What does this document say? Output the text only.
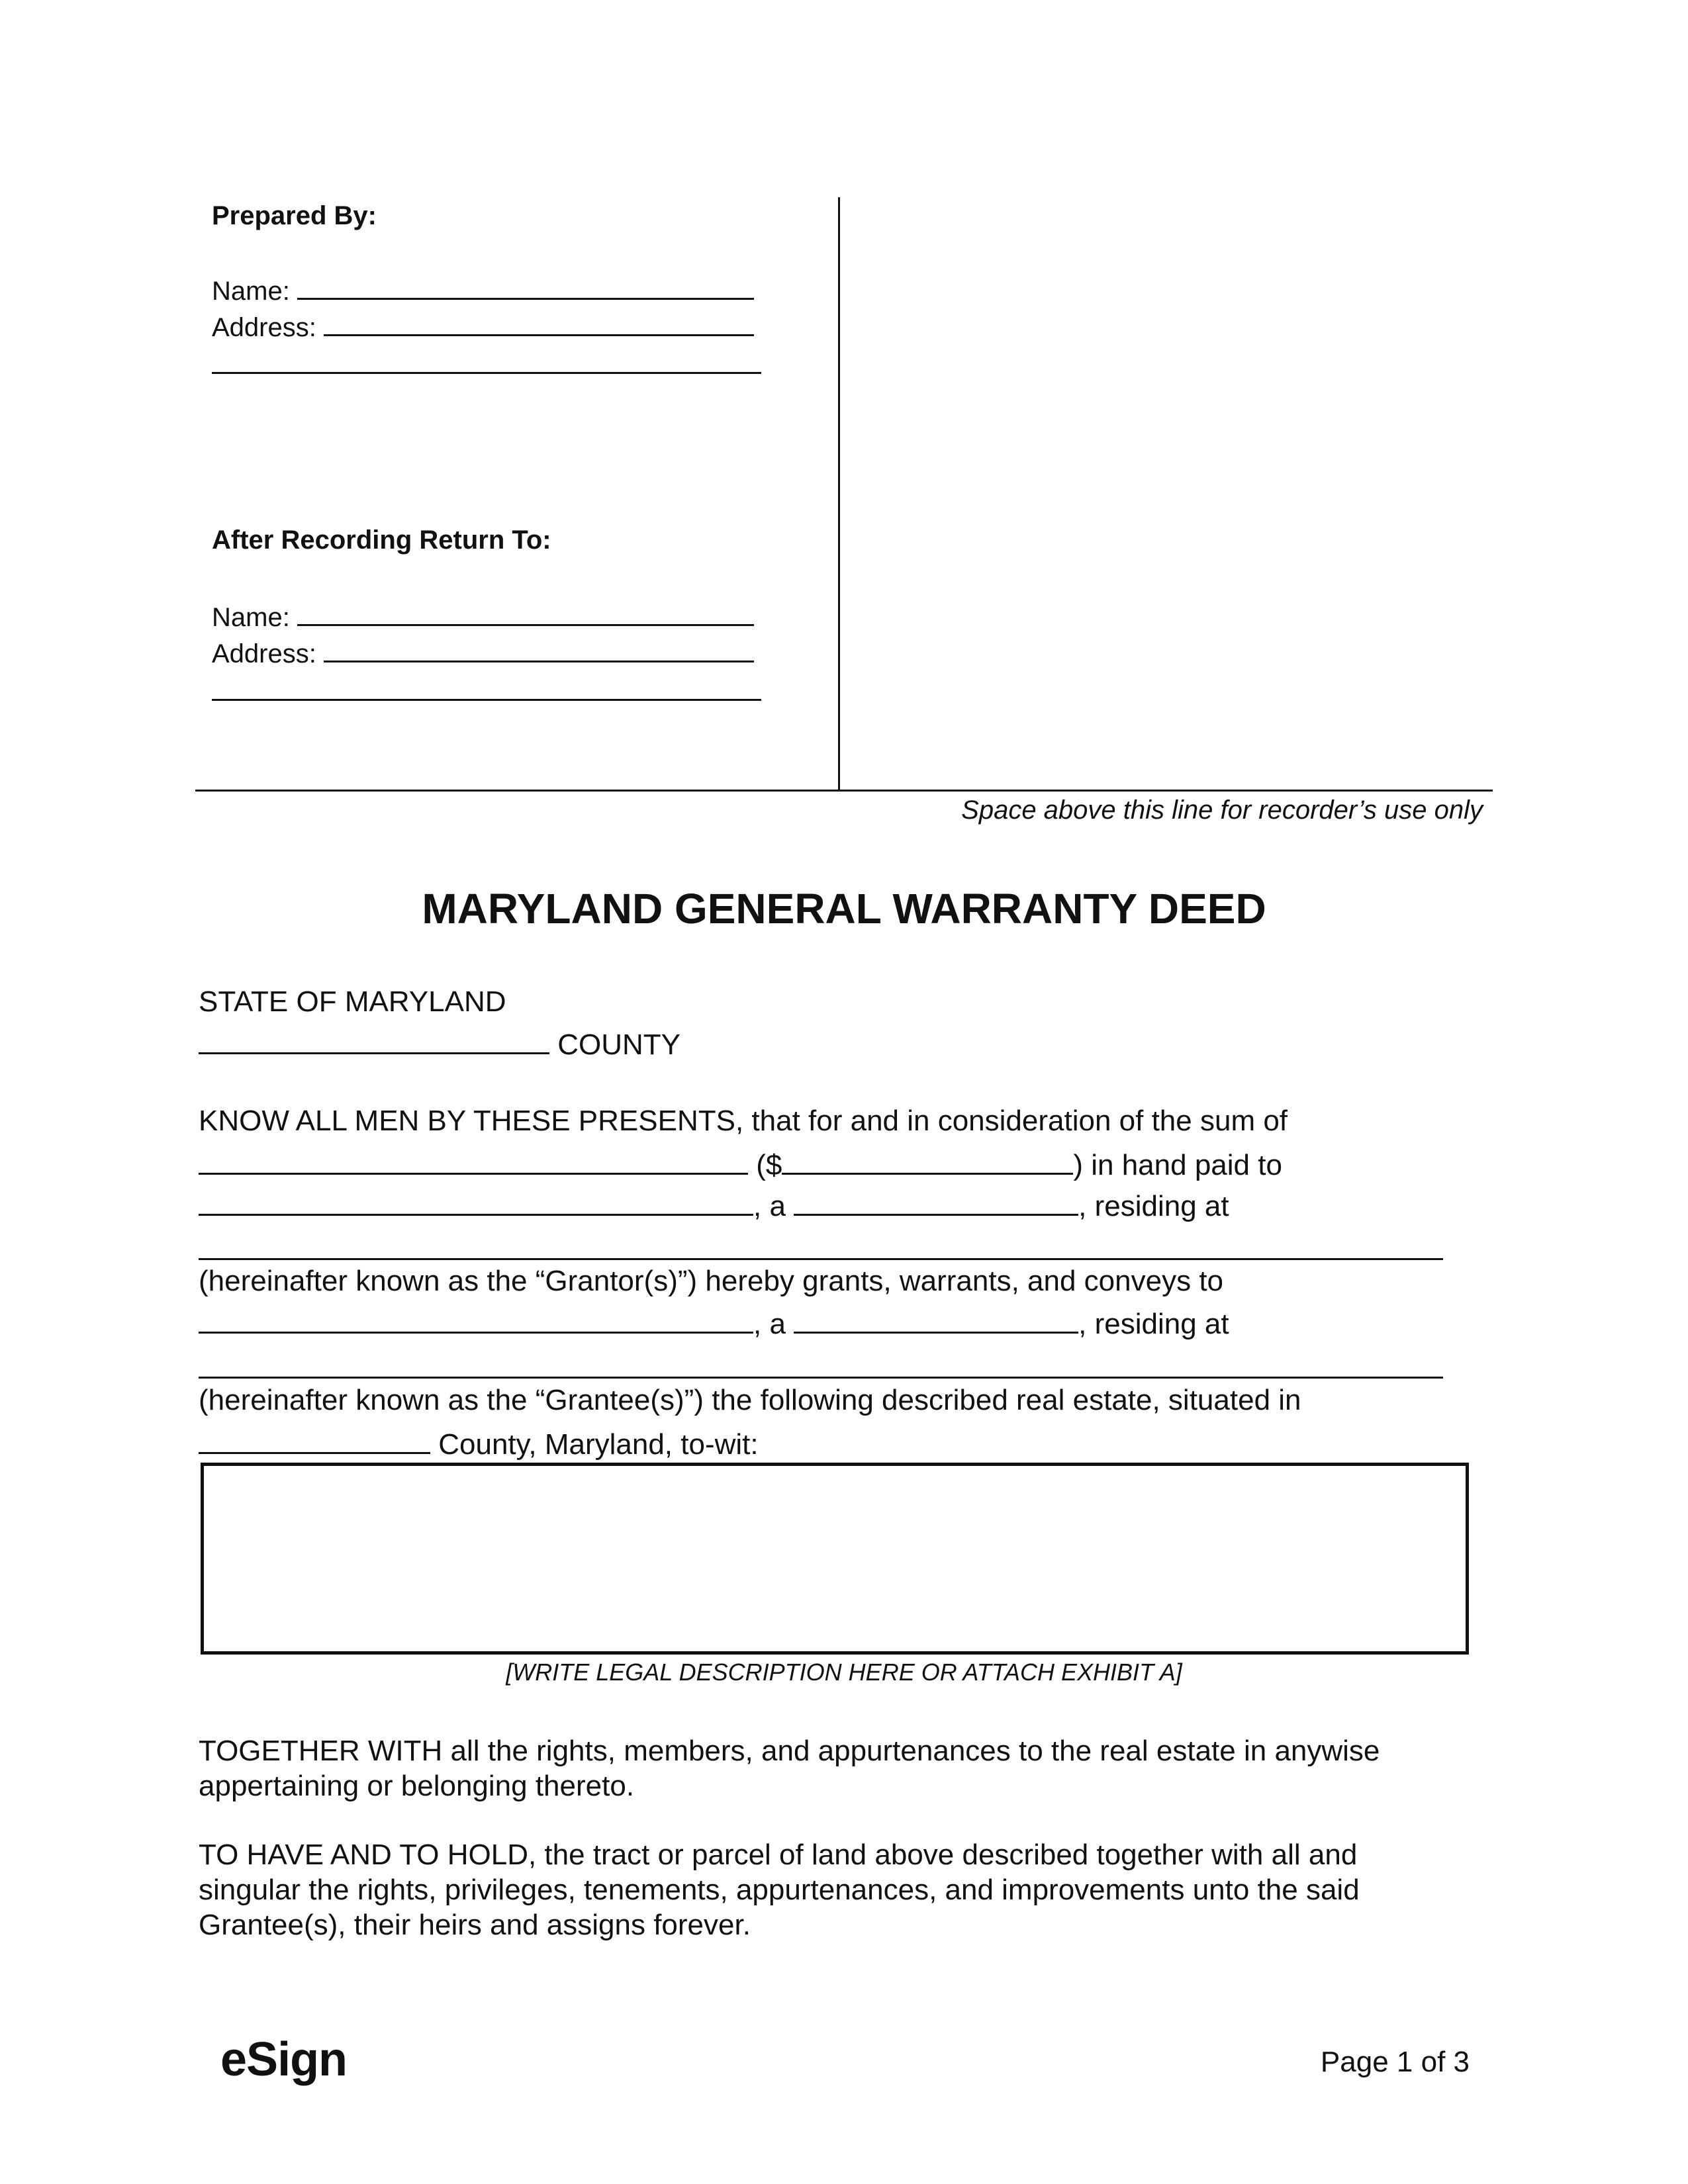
Prepared By:
Name:
Address:
After Recording Return To:
Name:
Address:
Space above this line for recorder’s use only
MARYLAND GENERAL WARRANTY DEED
STATE OF MARYLAND
COUNTY
KNOW ALL MEN BY THESE PRESENTS, that for and in consideration of the sum of
($	) in hand paid to
, a	, residing at
(hereinafter known as the “Grantor(s)”) hereby grants, warrants, and conveys to
, a	, residing at
(hereinafter known as the “Grantee(s)”) the following described real estate, situated in
County, Maryland, to-wit:
[WRITE LEGAL DESCRIPTION HERE OR ATTACH EXHIBIT A]
TOGETHER WITH all the rights, members, and appurtenances to the real estate in anywise
appertaining or belonging thereto.
TO HAVE AND TO HOLD, the tract or parcel of land above described together with all and
singular the rights, privileges, tenements, appurtenances, and improvements unto the said
Grantee(s), their heirs and assigns forever.
eSign	Page 1 of 3
